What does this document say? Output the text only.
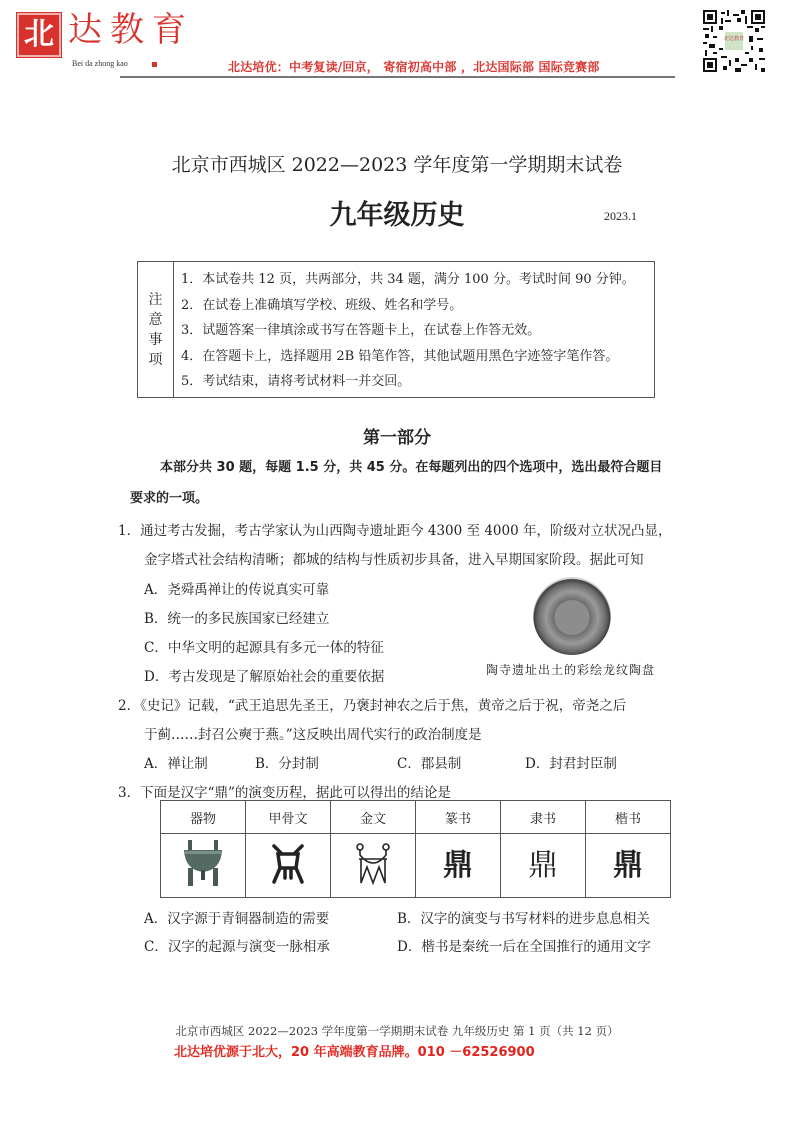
北 达教育
Bei da zhong kao	北达培优：中考复读/回京， 寄宿初高中部 ，北达国际部 国际竞赛部
北达教育
北京市西城区 2022—2023 学年度第一学期期末试卷
九年级历史	2023.1
注
意
事
项
1．本试卷共 12 页，共两部分，共 34 题，满分 100 分。考试时间 90 分钟。
2．在试卷上准确填写学校、班级、姓名和学号。
3．试题答案一律填涂或书写在答题卡上，在试卷上作答无效。
4．在答题卡上，选择题用 2B 铅笔作答，其他试题用黑色字迹签字笔作答。
5．考试结束，请将考试材料一并交回。
第一部分
本部分共 30 题，每题 1.5 分，共 45 分。在每题列出的四个选项中，选出最符合题目
要求的一项。
1．通过考古发掘，考古学家认为山西陶寺遗址距今 4300 至 4000 年，阶级对立状况凸显，
金字塔式社会结构清晰；都城的结构与性质初步具备，进入早期国家阶段。据此可知
A．尧舜禹禅让的传说真实可靠
B．统一的多民族国家已经建立
C．中华文明的起源具有多元一体的特征
D．考古发现是了解原始社会的重要依据	陶寺遗址出土的彩绘龙纹陶盘
2．《史记》记载，“武王追思先圣王，乃褒封神农之后于焦，黄帝之后于祝，帝尧之后
于蓟……封召公奭于燕。”这反映出周代实行的政治制度是
A．禅让制	B．分封制	C．郡县制	D．封君封臣制
3．下面是汉字“鼎”的演变历程，据此可以得出的结论是
器物	甲骨文	金文	篆书	隶书	楷书
			鼎	鼎	鼎
A．汉字源于青铜器制造的需要	B．汉字的演变与书写材料的进步息息相关
C．汉字的起源与演变一脉相承	D．楷书是秦统一后在全国推行的通用文字
北京市西城区 2022—2023 学年度第一学期期末试卷 九年级历史 第 1 页（共 12 页）
北达培优源于北大，20 年高端教育品牌。010 －62526900
